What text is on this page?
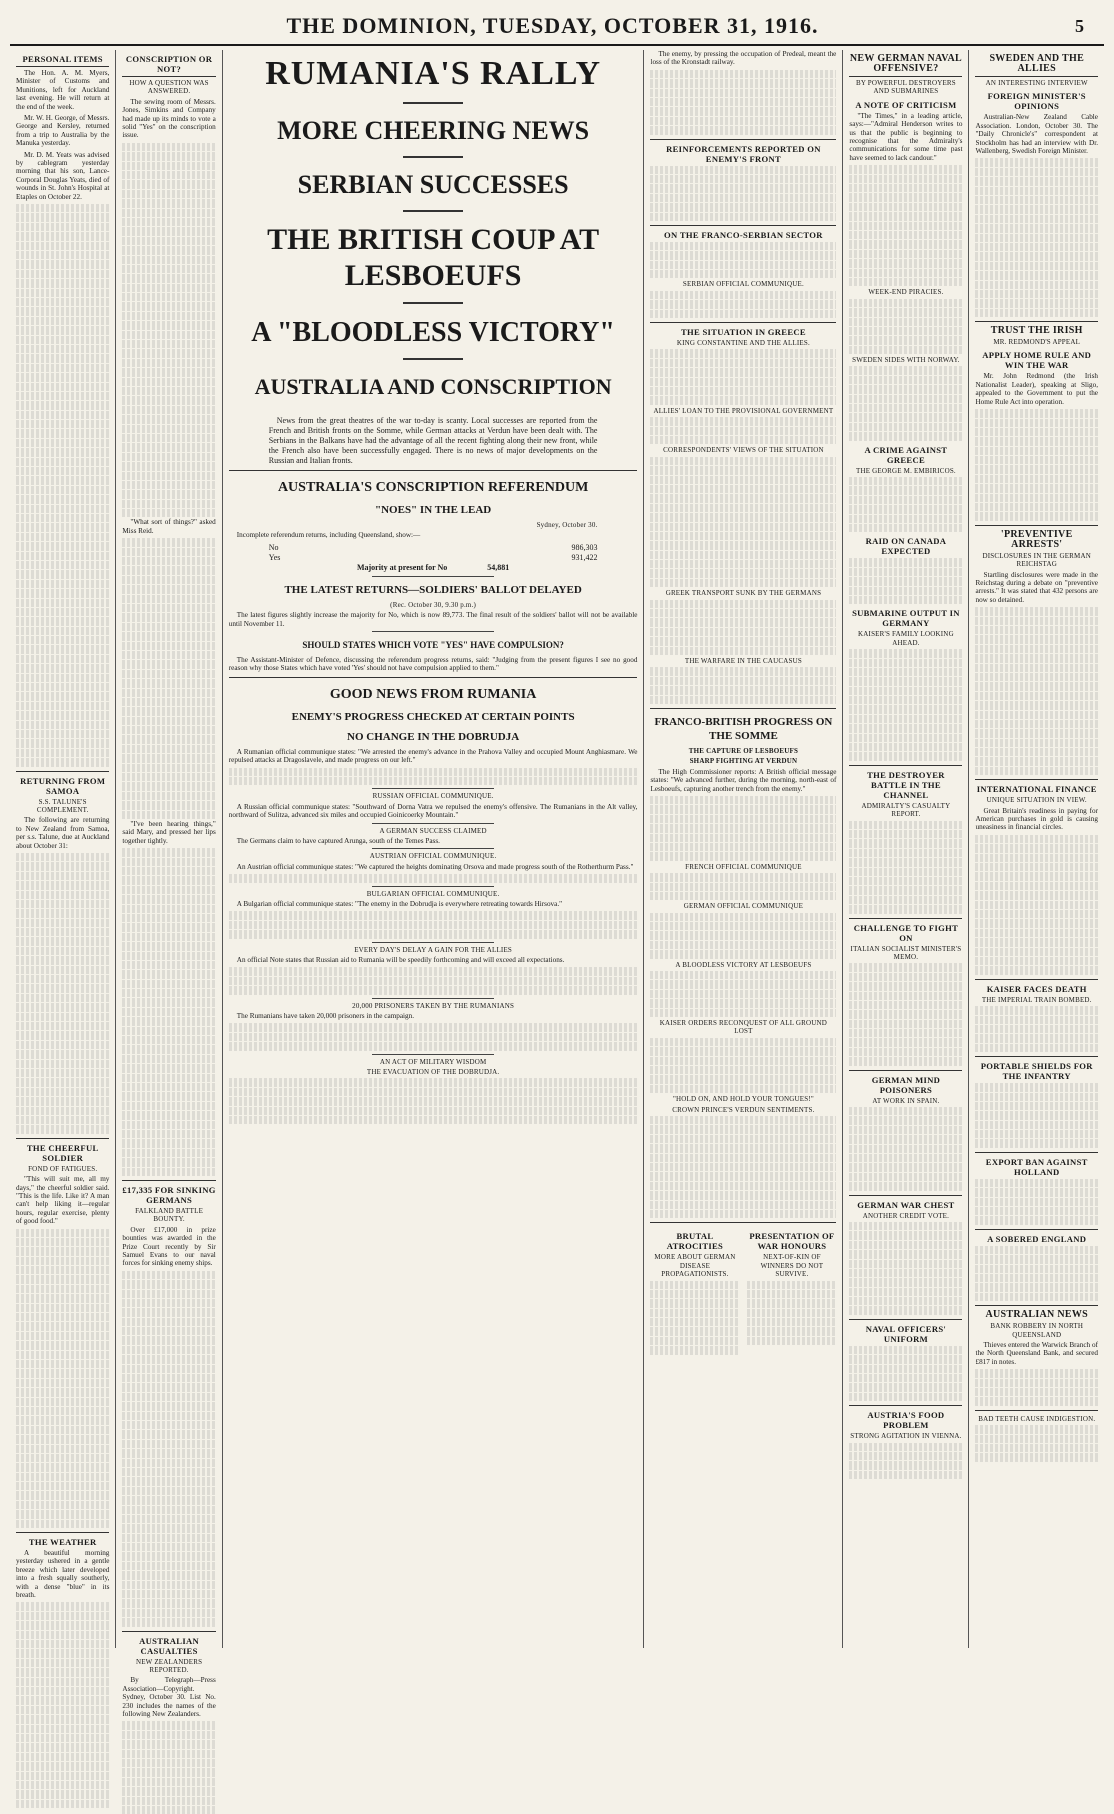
THE DOMINION, TUESDAY, OCTOBER 31, 1916.	5
PERSONAL ITEMS

The Hon. A. M. Myers, Minister of Customs and Munitions, left for Auckland last evening. He will return at the end of the week.

Mr. W. H. George, of Messrs. George and Kersley, returned from a trip to Australia by the Manuka yesterday.

Mr. D. M. Yeats was advised by cablegram yesterday morning that his son, Lance-Corporal Douglas Yeats, died of wounds in St. John's Hospital at Etaples on October 22.

RETURNING FROM SAMOA
S.S. TALUNE'S COMPLEMENT.

The following are returning to New Zealand from Samoa, per s.s. Talune, due at Auckland about October 31:

THE CHEERFUL SOLDIER
FOND OF FATIGUES.

"This will suit me, all my days," the cheerful soldier said. "This is the life. Like it? A man can't help liking it—regular hours, regular exercise, plenty of good food."

THE WEATHER

A beautiful morning yesterday ushered in a gentle breeze which later developed into a fresh squally southerly, with a dense "blue" in its breath.

CONSCRIPTION OR NOT?
HOW A QUESTION WAS ANSWERED.

The sewing room of Messrs. Jones, Simkins and Company had made up its minds to vote a solid "Yes" on the conscription issue.

"What sort of things?" asked Miss Reid.

"I've been hearing things," said Mary, and pressed her lips together tightly.

£17,335 FOR SINKING GERMANS
FALKLAND BATTLE BOUNTY.

Over £17,000 in prize bounties was awarded in the Prize Court recently by Sir Samuel Evans to our naval forces for sinking enemy ships.

AUSTRALIAN CASUALTIES
NEW ZEALANDERS REPORTED.

By Telegraph—Press Association—Copyright. Sydney, October 30. List No. 230 includes the names of the following New Zealanders.

RUMANIA'S RALLY
MORE CHEERING NEWS
SERBIAN SUCCESSES
THE BRITISH COUP AT LESBOEUFS
A "BLOODLESS VICTORY"
AUSTRALIA AND CONSCRIPTION

News from the great theatres of the war to-day is scanty. Local successes are reported from the French and British fronts on the Somme, while German attacks at Verdun have been dealt with. The Serbians in the Balkans have had the advantage of all the recent fighting along their new front, while the French also have been successfully engaged. There is no news of major developments on the Russian and Italian fronts.

AUSTRALIA'S CONSCRIPTION REFERENDUM
"NOES" IN THE LEAD
Sydney, October 30.

Incomplete referendum returns, including Queensland, show:—

No	986,303
Yes	931,422
Majority at present for No	54,881
THE LATEST RETURNS—SOLDIERS' BALLOT DELAYED
(Rec. October 30, 9.30 p.m.)

The latest figures slightly increase the majority for No, which is now 89,773. The final result of the soldiers' ballot will not be available until November 11.

SHOULD STATES WHICH VOTE "YES" HAVE COMPULSION?

The Assistant-Minister of Defence, discussing the referendum progress returns, said: "Judging from the present figures I see no good reason why those States which have voted 'Yes' should not have compulsion applied to them."

GOOD NEWS FROM RUMANIA
ENEMY'S PROGRESS CHECKED AT CERTAIN POINTS
NO CHANGE IN THE DOBRUDJA

A Rumanian official communique states: "We arrested the enemy's advance in the Prahova Valley and occupied Mount Anghiasmare. We repulsed attacks at Dragoslavele, and made progress on our left."

RUSSIAN OFFICIAL COMMUNIQUE.

A Russian official communique states: "Southward of Dorna Vatra we repulsed the enemy's offensive. The Rumanians in the Alt valley, northward of Sulitza, advanced six miles and occupied Goinicoerky Mountain."

A GERMAN SUCCESS CLAIMED

The Germans claim to have captured Arunga, south of the Temes Pass.

AUSTRIAN OFFICIAL COMMUNIQUE.

An Austrian official communique states: "We captured the heights dominating Orsova and made progress south of the Rotherthurm Pass."

BULGARIAN OFFICIAL COMMUNIQUE.

A Bulgarian official communique states: "The enemy in the Dobrudja is everywhere retreating towards Hirsova."

EVERY DAY'S DELAY A GAIN FOR THE ALLIES

An official Note states that Russian aid to Rumania will be speedily forthcoming and will exceed all expectations.

20,000 PRISONERS TAKEN BY THE RUMANIANS

The Rumanians have taken 20,000 prisoners in the campaign.

AN ACT OF MILITARY WISDOM
THE EVACUATION OF THE DOBRUDJA.

The enemy, by pressing the occupation of Predeal, meant the loss of the Kronstadt railway.

REINFORCEMENTS REPORTED ON ENEMY'S FRONT
ON THE FRANCO-SERBIAN SECTOR
SERBIAN OFFICIAL COMMUNIQUE.
THE SITUATION IN GREECE
KING CONSTANTINE AND THE ALLIES.
ALLIES' LOAN TO THE PROVISIONAL GOVERNMENT
CORRESPONDENTS' VIEWS OF THE SITUATION
GREEK TRANSPORT SUNK BY THE GERMANS
THE WARFARE IN THE CAUCASUS
FRANCO-BRITISH PROGRESS ON THE SOMME
THE CAPTURE OF LESBOEUFS
SHARP FIGHTING AT VERDUN

The High Commissioner reports: A British official message states: "We advanced further, during the morning, north-east of Lesboeufs, capturing another trench from the enemy."

FRENCH OFFICIAL COMMUNIQUE
GERMAN OFFICIAL COMMUNIQUE
A BLOODLESS VICTORY AT LESBOEUFS
KAISER ORDERS RECONQUEST OF ALL GROUND LOST
"HOLD ON, AND HOLD YOUR TONGUES!"
CROWN PRINCE'S VERDUN SENTIMENTS.
BRUTAL ATROCITIES
MORE ABOUT GERMAN DISEASE PROPAGATIONISTS.
PRESENTATION OF WAR HONOURS
NEXT-OF-KIN OF WINNERS DO NOT SURVIVE.
NEW GERMAN NAVAL OFFENSIVE?
BY POWERFUL DESTROYERS AND SUBMARINES
A NOTE OF CRITICISM

"The Times," in a leading article, says:—"Admiral Henderson writes to us that the public is beginning to recognise that the Admiralty's communications for some time past have seemed to lack candour."

WEEK-END PIRACIES.
SWEDEN SIDES WITH NORWAY.
A CRIME AGAINST GREECE
THE GEORGE M. EMBIRICOS.
RAID ON CANADA EXPECTED
SUBMARINE OUTPUT IN GERMANY
KAISER'S FAMILY LOOKING AHEAD.
THE DESTROYER BATTLE IN THE CHANNEL
ADMIRALTY'S CASUALTY REPORT.
CHALLENGE TO FIGHT ON
ITALIAN SOCIALIST MINISTER'S MEMO.
GERMAN MIND POISONERS
AT WORK IN SPAIN.
GERMAN WAR CHEST
ANOTHER CREDIT VOTE.
NAVAL OFFICERS' UNIFORM
AUSTRIA'S FOOD PROBLEM
STRONG AGITATION IN VIENNA.
SWEDEN AND THE ALLIES
AN INTERESTING INTERVIEW
FOREIGN MINISTER'S OPINIONS

Australian-New Zealand Cable Association. London, October 30. The "Daily Chronicle's" correspondent at Stockholm has had an interview with Dr. Wallenberg, Swedish Foreign Minister.

TRUST THE IRISH
MR. REDMOND'S APPEAL
APPLY HOME RULE AND WIN THE WAR

Mr. John Redmond (the Irish Nationalist Leader), speaking at Sligo, appealed to the Government to put the Home Rule Act into operation.

'PREVENTIVE ARRESTS'
DISCLOSURES IN THE GERMAN REICHSTAG

Startling disclosures were made in the Reichstag during a debate on "preventive arrests." It was stated that 432 persons are now so detained.

INTERNATIONAL FINANCE
UNIQUE SITUATION IN VIEW.

Great Britain's readiness in paying for American purchases in gold is causing uneasiness in financial circles.

KAISER FACES DEATH
THE IMPERIAL TRAIN BOMBED.
PORTABLE SHIELDS FOR THE INFANTRY
EXPORT BAN AGAINST HOLLAND
A SOBERED ENGLAND
AUSTRALIAN NEWS
BANK ROBBERY IN NORTH QUEENSLAND

Thieves entered the Warwick Branch of the North Queensland Bank, and secured £817 in notes.

BAD TEETH CAUSE INDIGESTION.
